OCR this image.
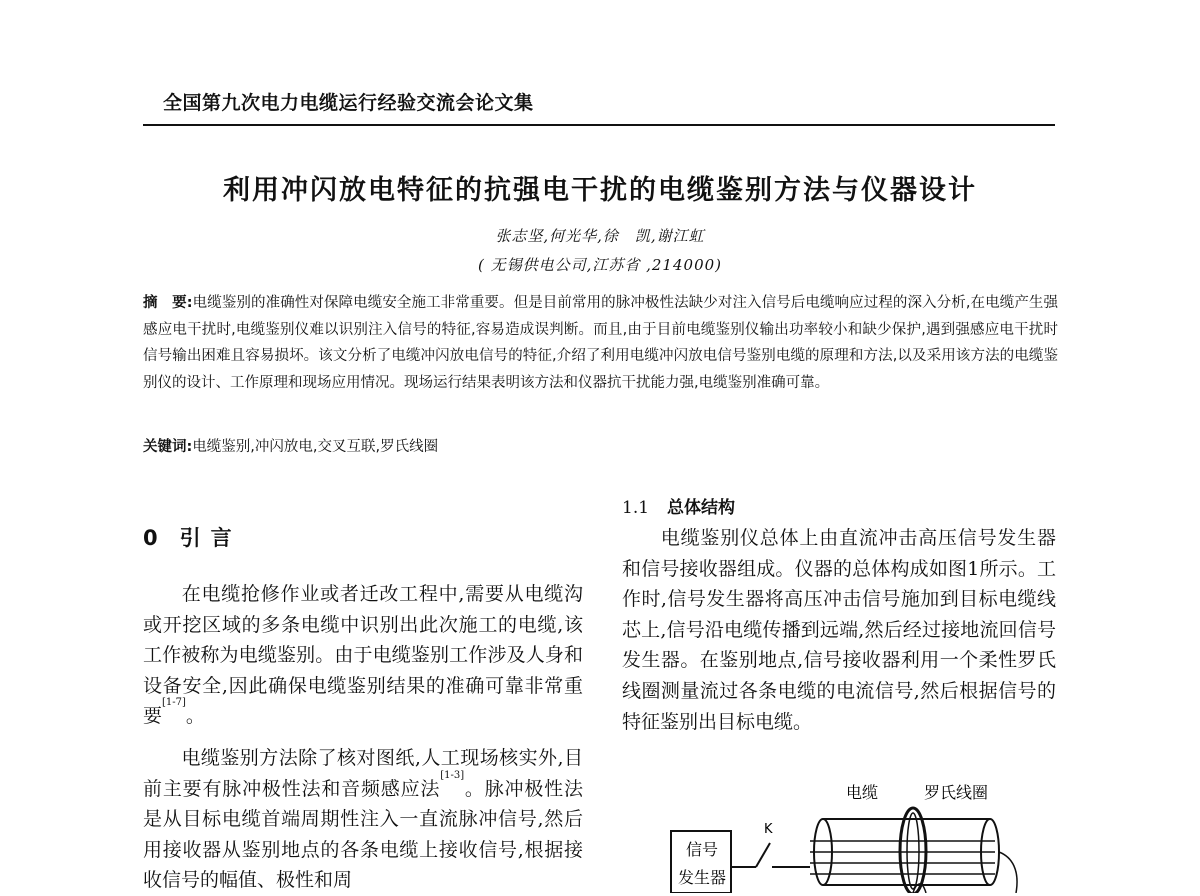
全国第九次电力电缆运行经验交流会论文集
利用冲闪放电特征的抗强电干扰的电缆鉴别方法与仪器设计
张志坚,何光华,徐　凯,谢江虹
( 无锡供电公司,江苏省 ,214000)
摘　要:电缆鉴别的准确性对保障电缆安全施工非常重要。但是目前常用的脉冲极性法缺少对注入信号后电缆响应过程的深入分析,在电缆产生强感应电干扰时,电缆鉴别仪难以识别注入信号的特征,容易造成误判断。而且,由于目前电缆鉴别仪输出功率较小和缺少保护,遇到强感应电干扰时信号输出困难且容易损坏。该文分析了电缆冲闪放电信号的特征,介绍了利用电缆冲闪放电信号鉴别电缆的原理和方法,以及采用该方法的电缆鉴别仪的设计、工作原理和现场应用情况。现场运行结果表明该方法和仪器抗干扰能力强,电缆鉴别准确可靠。
关键词:电缆鉴别,冲闪放电,交叉互联,罗氏线圈
0 引言
在电缆抢修作业或者迁改工程中,需要从电缆沟或开挖区域的多条电缆中识别出此次施工的电缆,该工作被称为电缆鉴别。由于电缆鉴别工作涉及人身和设备安全,因此确保电缆鉴别结果的准确可靠非常重要[1-7]。
电缆鉴别方法除了核对图纸,人工现场核实外,目前主要有脉冲极性法和音频感应法[1-3]。脉冲极性法是从目标电缆首端周期性注入一直流脉冲信号,然后用接收器从鉴别地点的各条电缆上接收信号,根据接收信号的幅值、极性和周
1.1 总体结构
电缆鉴别仪总体上由直流冲击高压信号发生器和信号接收器组成。仪器的总体构成如图1所示。工作时,信号发生器将高压冲击信号施加到目标电缆线芯上,信号沿电缆传播到远端,然后经过接地流回信号发生器。在鉴别地点,信号接收器利用一个柔性罗氏线圈测量流过各条电缆的电流信号,然后根据信号的特征鉴别出目标电缆。
电缆	罗氏线圈
K
信号
发生器
